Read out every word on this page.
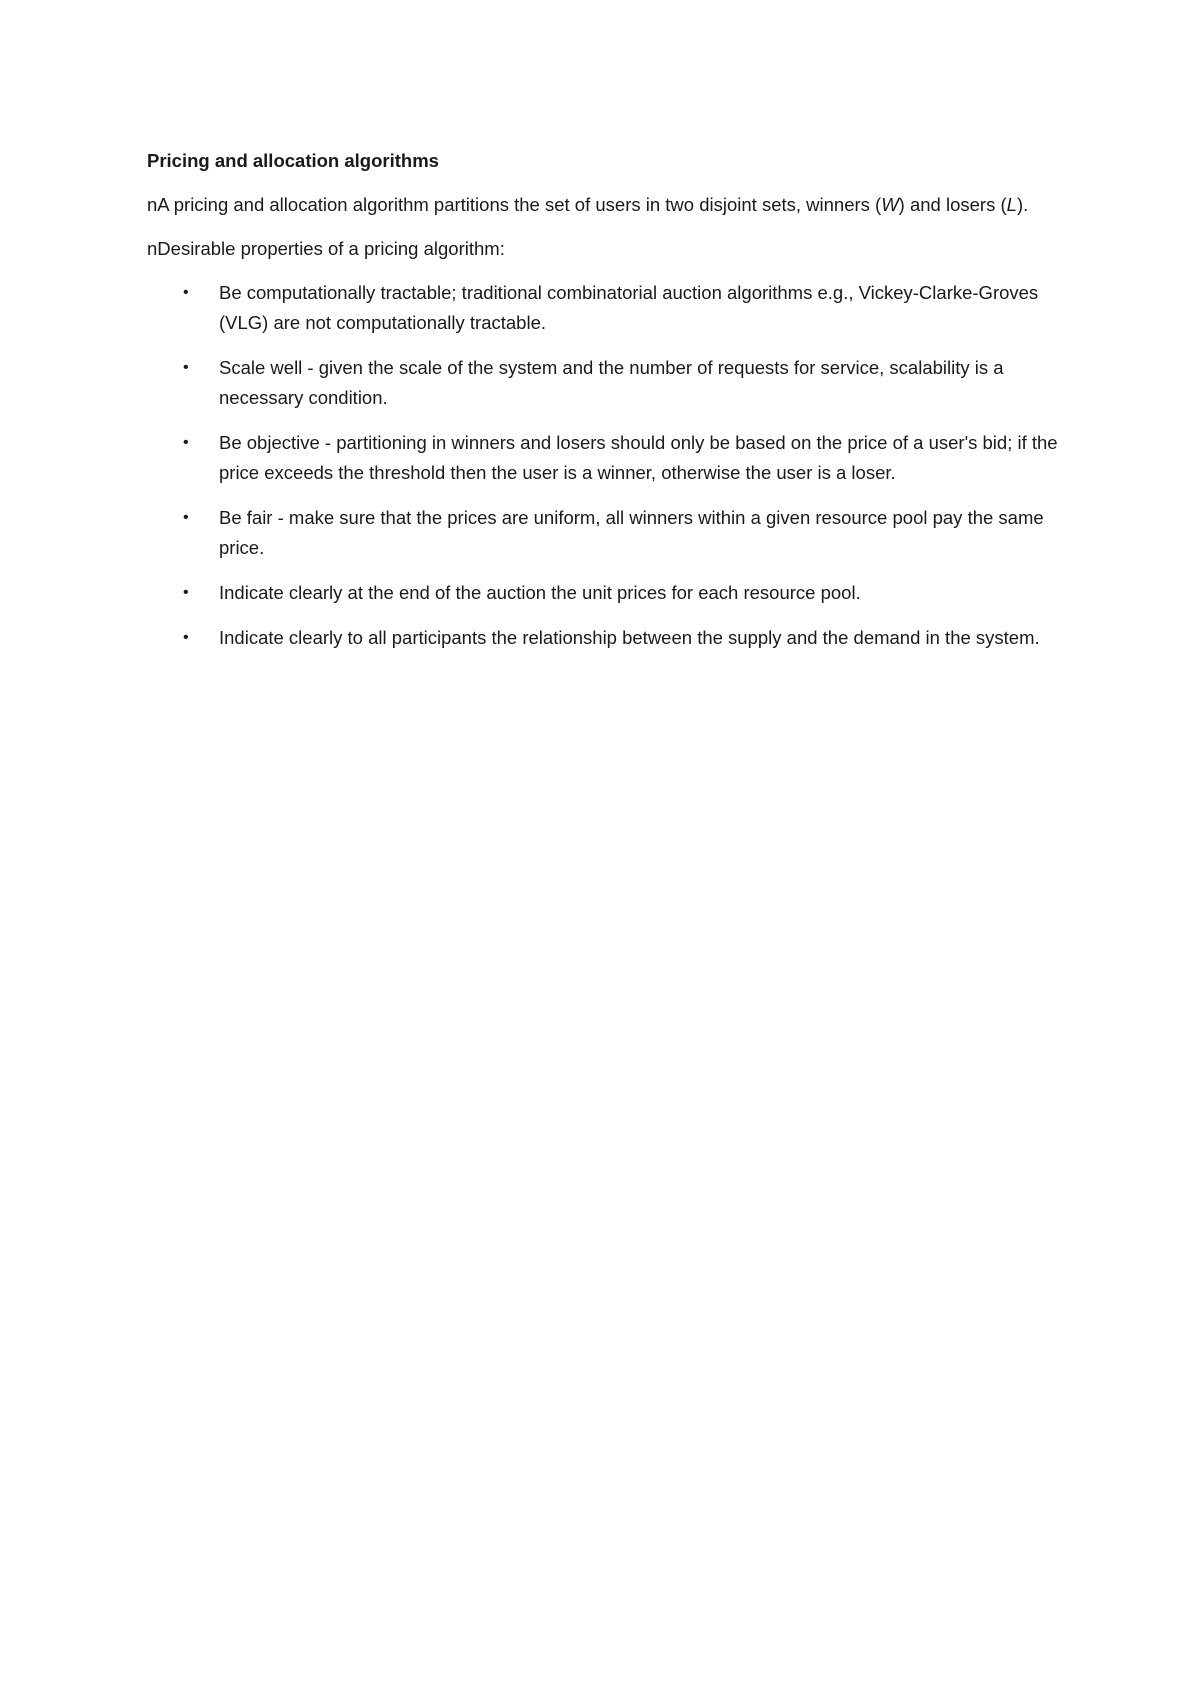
Pricing and allocation algorithms

nA pricing and allocation algorithm partitions the set of users in two disjoint sets, winners (W) and losers (L).

nDesirable properties of a pricing algorithm:

• Be computationally tractable; traditional combinatorial auction algorithms e.g., Vickey-Clarke-Groves (VLG) are not computationally tractable.
• Scale well - given the scale of the system and the number of requests for service, scalability is a necessary condition.
• Be objective - partitioning in winners and losers should only be based on the price of a user's bid; if the price exceeds the threshold then the user is a winner, otherwise the user is a loser.
• Be fair - make sure that the prices are uniform, all winners within a given resource pool pay the same price.
• Indicate clearly at the end of the auction the unit prices for each resource pool.
• Indicate clearly to all participants the relationship between the supply and the demand in the system.
